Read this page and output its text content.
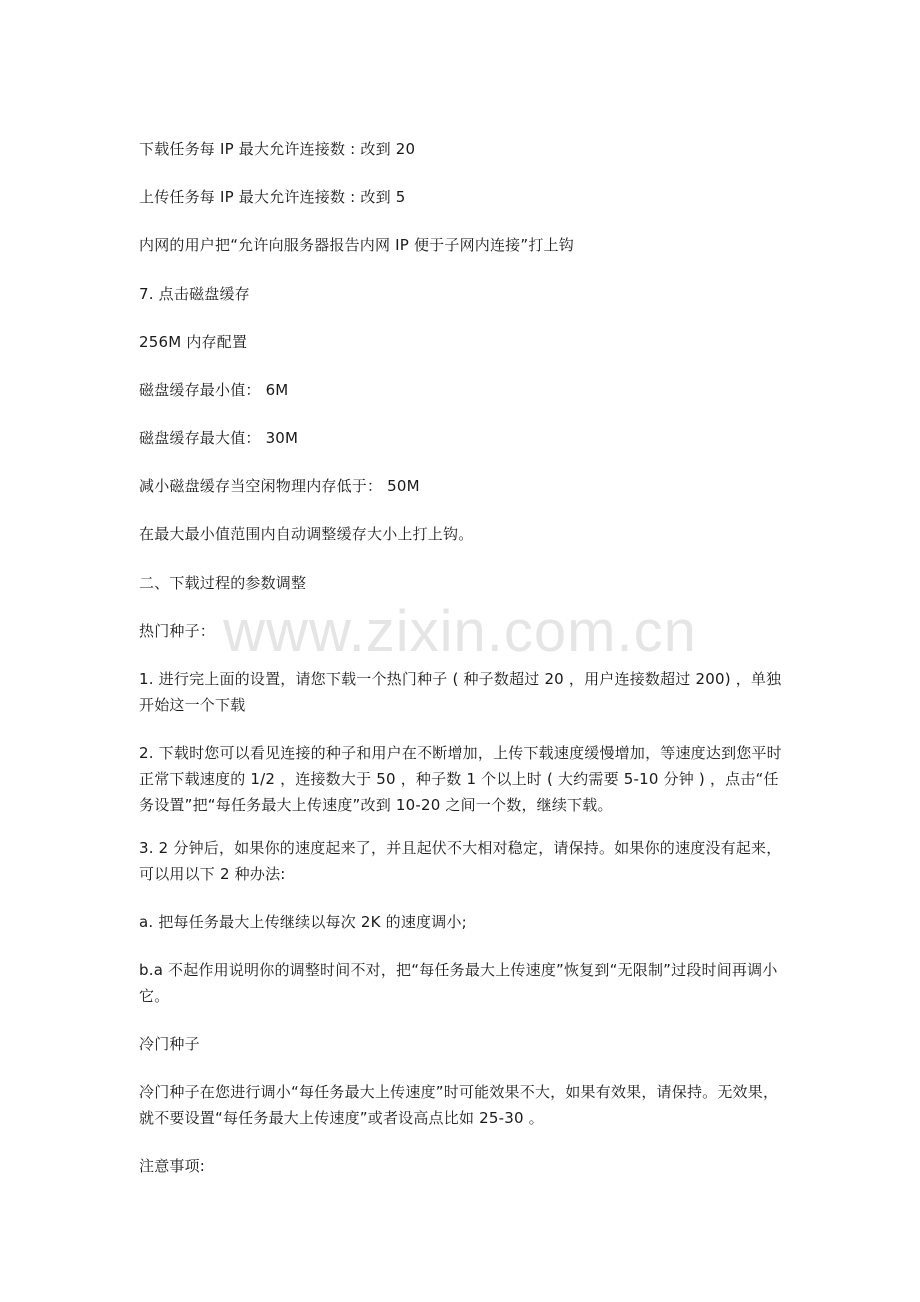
下载任务每 IP 最大允许连接数 : 改到 20
上传任务每 IP 最大允许连接数 : 改到 5
内网的用户把“允许向服务器报告内网 IP 便于子网内连接”打上钩
7. 点击磁盘缓存
256M 内存配置
磁盘缓存最小值： 6M
磁盘缓存最大值： 30M
减小磁盘缓存当空闲物理内存低于： 50M
在最大最小值范围内自动调整缓存大小上打上钩。
二、下载过程的参数调整
热门种子：
1. 进行完上面的设置，请您下载一个热门种子 ( 种子数超过 20 ，用户连接数超过 200) ，单独开始这一个下载
2. 下载时您可以看见连接的种子和用户在不断增加，上传下载速度缓慢增加，等速度达到您平时正常下载速度的 1/2 ，连接数大于 50 ，种子数 1 个以上时 ( 大约需要 5-10 分钟 ) ，点击“任务设置”把“每任务最大上传速度”改到 10-20 之间一个数，继续下载。
3. 2 分钟后，如果你的速度起来了，并且起伏不大相对稳定，请保持。如果你的速度没有起来，可以用以下 2 种办法:
a. 把每任务最大上传继续以每次 2K 的速度调小;
b.a 不起作用说明你的调整时间不对，把“每任务最大上传速度”恢复到“无限制”过段时间再调小它。
冷门种子
冷门种子在您进行调小“每任务最大上传速度”时可能效果不大，如果有效果，请保持。无效果，就不要设置“每任务最大上传速度”或者设高点比如 25-30 。
注意事项:
www.zixin.com.cn
